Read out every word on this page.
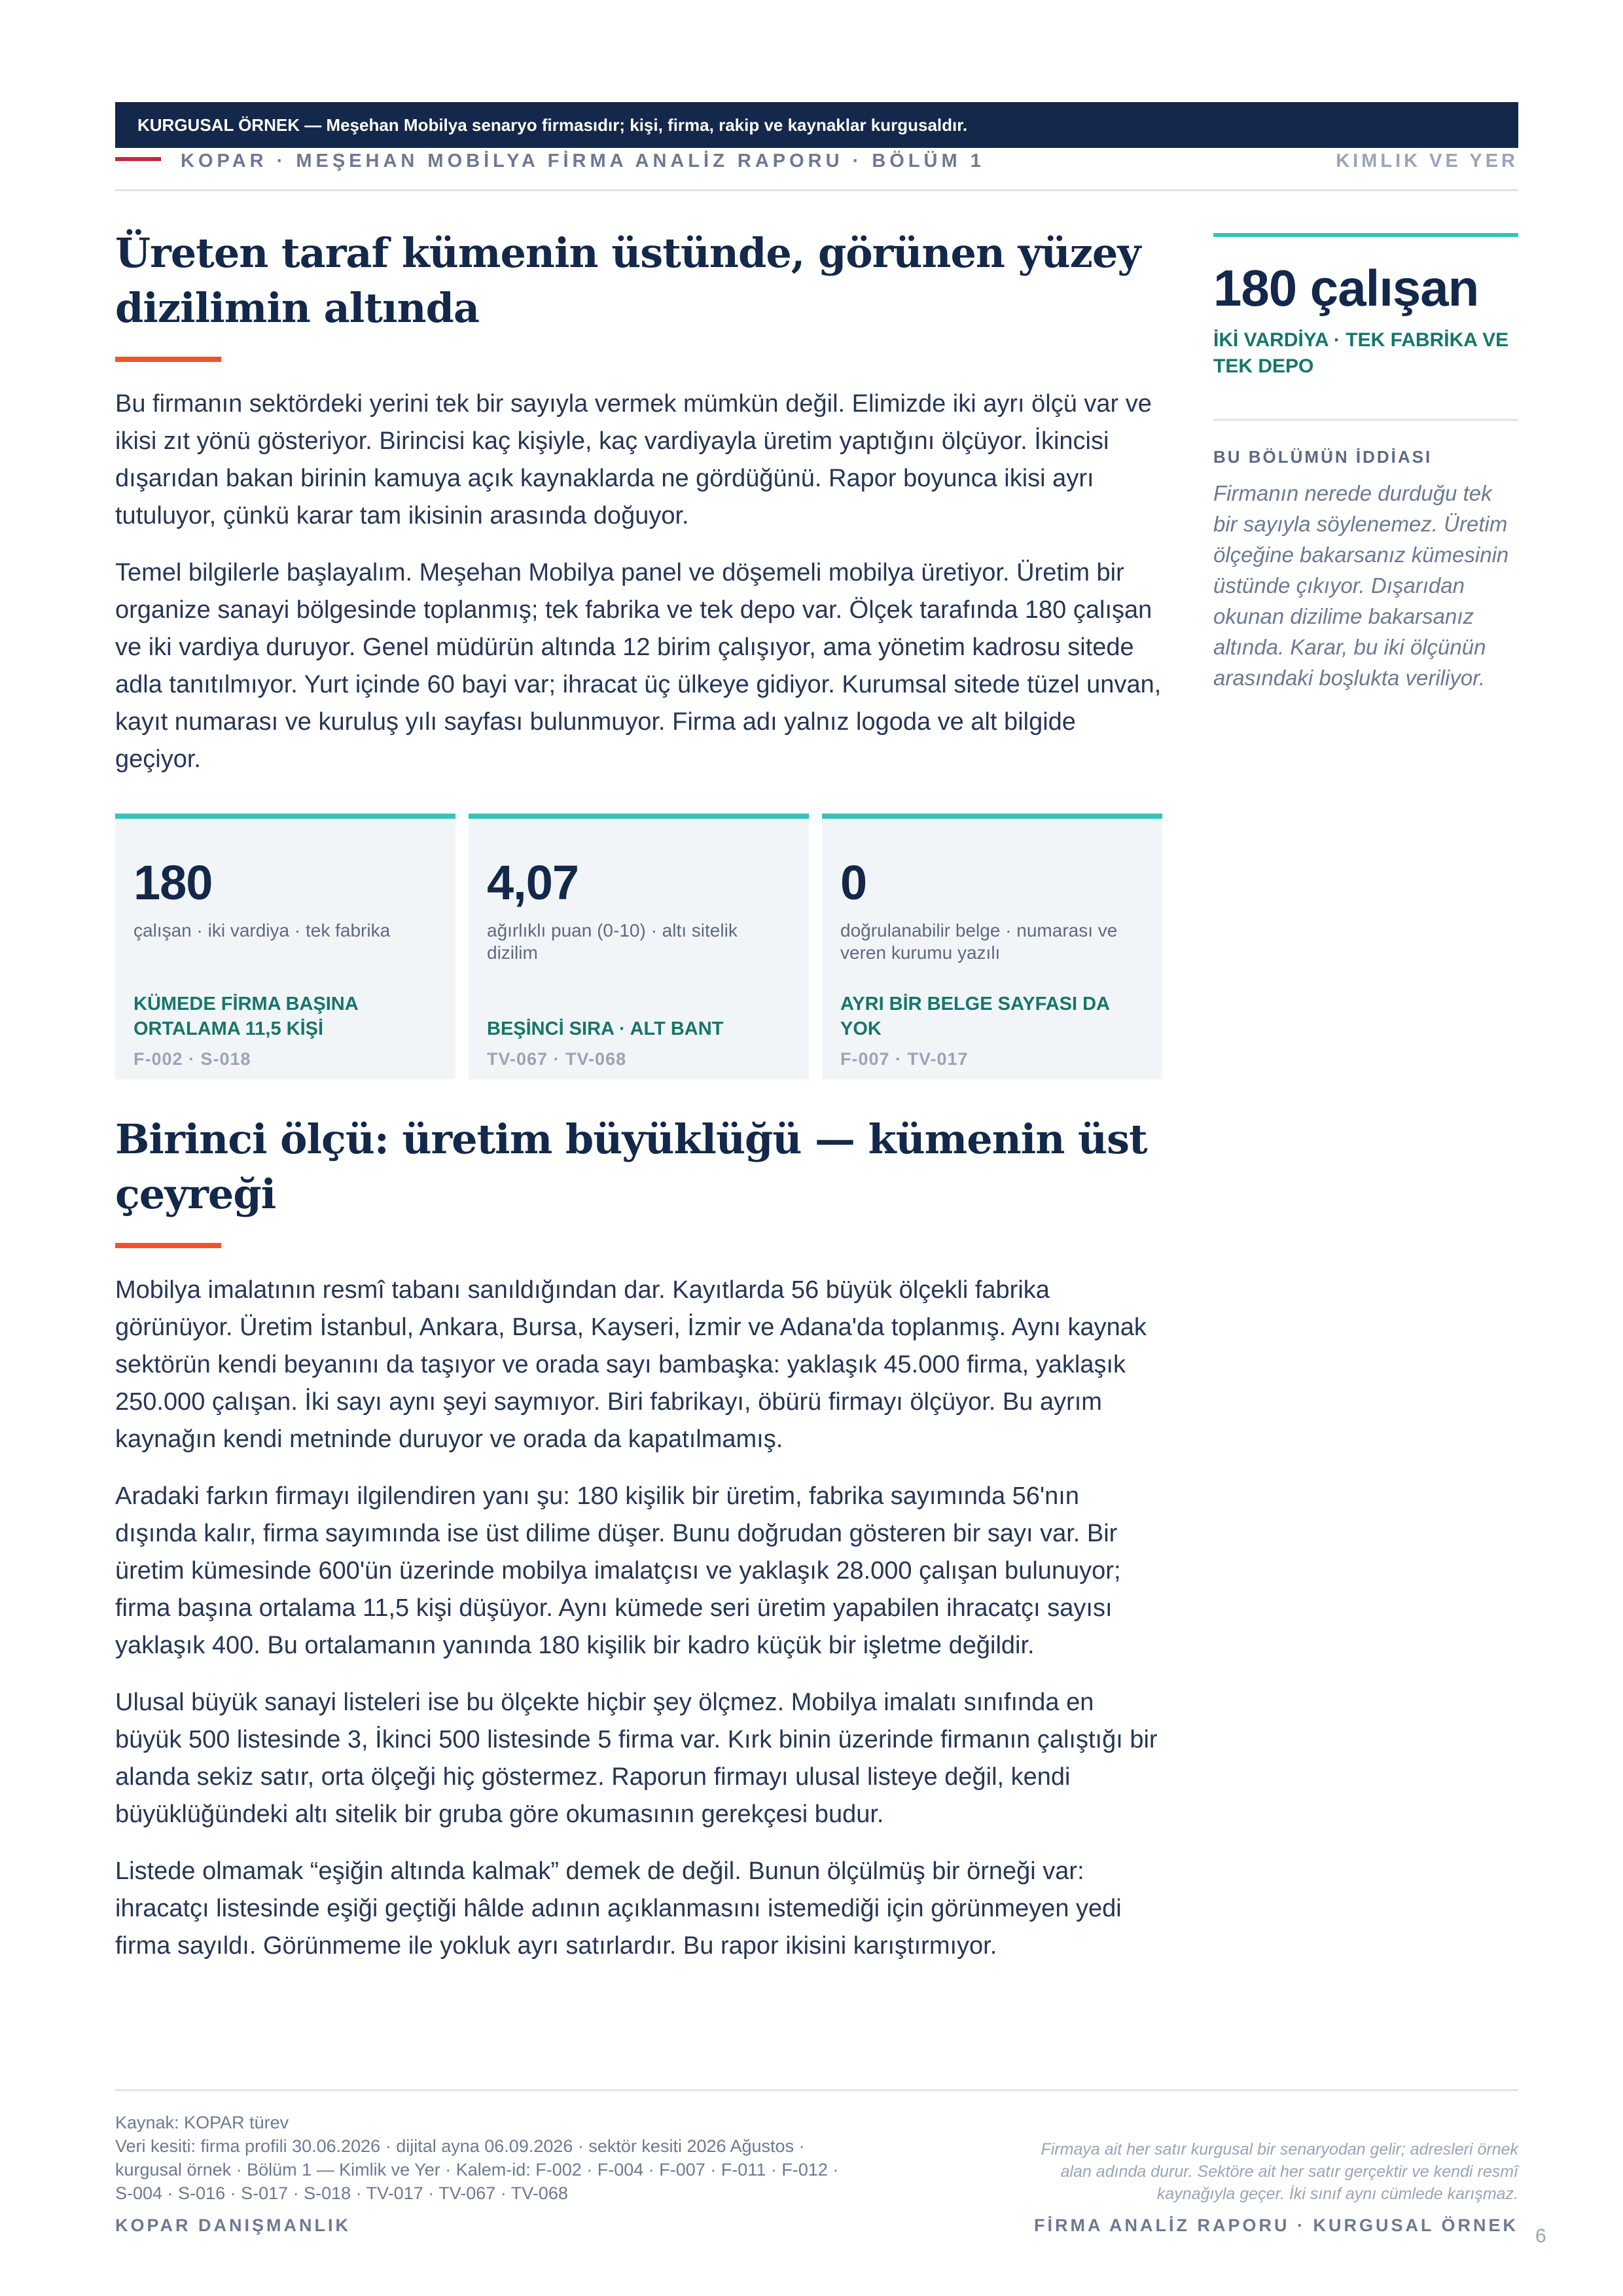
KURGUSAL ÖRNEK — Meşehan Mobilya senaryo firmasıdır; kişi, firma, rakip ve kaynaklar kurgusaldır.
KOPAR · MEŞEHAN MOBİLYA FİRMA ANALİZ RAPORU · BÖLÜM 1	KIMLIK VE YER
Üreten taraf kümenin üstünde, görünen yüzey dizilimin altında

Bu firmanın sektördeki yerini tek bir sayıyla vermek mümkün değil. Elimizde iki ayrı ölçü var ve ikisi zıt yönü gösteriyor. Birincisi kaç kişiyle, kaç vardiyayla üretim yaptığını ölçüyor. İkincisi dışarıdan bakan birinin kamuya açık kaynaklarda ne gördüğünü. Rapor boyunca ikisi ayrı tutuluyor, çünkü karar tam ikisinin arasında doğuyor.

Temel bilgilerle başlayalım. Meşehan Mobilya panel ve döşemeli mobilya üretiyor. Üretim bir organize sanayi bölgesinde toplanmış; tek fabrika ve tek depo var. Ölçek tarafında 180 çalışan ve iki vardiya duruyor. Genel müdürün altında 12 birim çalışıyor, ama yönetim kadrosu sitede adla tanıtılmıyor. Yurt içinde 60 bayi var; ihracat üç ülkeye gidiyor. Kurumsal sitede tüzel unvan, kayıt numarası ve kuruluş yılı sayfası bulunmuyor. Firma adı yalnız logoda ve alt bilgide geçiyor.

180
çalışan · iki vardiya · tek fabrika
KÜMEDE FİRMA BAŞINA ORTALAMA 11,5 KİŞİ
F-002 · S-018
4,07
ağırlıklı puan (0-10) · altı sitelik dizilim
BEŞİNCİ SIRA · ALT BANT
TV-067 · TV-068
0
doğrulanabilir belge · numarası ve veren kurumu yazılı
AYRI BİR BELGE SAYFASI DA YOK
F-007 · TV-017
Birinci ölçü: üretim büyüklüğü — kümenin üst çeyreği

Mobilya imalatının resmî tabanı sanıldığından dar. Kayıtlarda 56 büyük ölçekli fabrika görünüyor. Üretim İstanbul, Ankara, Bursa, Kayseri, İzmir ve Adana'da toplanmış. Aynı kaynak sektörün kendi beyanını da taşıyor ve orada sayı bambaşka: yaklaşık 45.000 firma, yaklaşık 250.000 çalışan. İki sayı aynı şeyi saymıyor. Biri fabrikayı, öbürü firmayı ölçüyor. Bu ayrım kaynağın kendi metninde duruyor ve orada da kapatılmamış.

Aradaki farkın firmayı ilgilendiren yanı şu: 180 kişilik bir üretim, fabrika sayımında 56'nın dışında kalır, firma sayımında ise üst dilime düşer. Bunu doğrudan gösteren bir sayı var. Bir üretim kümesinde 600'ün üzerinde mobilya imalatçısı ve yaklaşık 28.000 çalışan bulunuyor; firma başına ortalama 11,5 kişi düşüyor. Aynı kümede seri üretim yapabilen ihracatçı sayısı yaklaşık 400. Bu ortalamanın yanında 180 kişilik bir kadro küçük bir işletme değildir.

Ulusal büyük sanayi listeleri ise bu ölçekte hiçbir şey ölçmez. Mobilya imalatı sınıfında en büyük 500 listesinde 3, İkinci 500 listesinde 5 firma var. Kırk binin üzerinde firmanın çalıştığı bir alanda sekiz satır, orta ölçeği hiç göstermez. Raporun firmayı ulusal listeye değil, kendi büyüklüğündeki altı sitelik bir gruba göre okumasının gerekçesi budur.

Listede olmamak “eşiğin altında kalmak” demek de değil. Bunun ölçülmüş bir örneği var: ihracatçı listesinde eşiği geçtiği hâlde adının açıklanmasını istemediği için görünmeyen yedi firma sayıldı. Görünmeme ile yokluk ayrı satırlardır. Bu rapor ikisini karıştırmıyor.

180 çalışan
İKİ VARDİYA · TEK FABRİKA VE TEK DEPO
BU BÖLÜMÜN İDDİASI
Firmanın nerede durduğu tek bir sayıyla söylenemez. Üretim ölçeğine bakarsanız kümesinin üstünde çıkıyor. Dışarıdan okunan dizilime bakarsanız altında. Karar, bu iki ölçünün arasındaki boşlukta veriliyor.
Kaynak: KOPAR türev
Veri kesiti: firma profili 30.06.2026 · dijital ayna 06.09.2026 · sektör kesiti 2026 Ağustos ·
kurgusal örnek · Bölüm 1 — Kimlik ve Yer · Kalem-id: F-002 · F-004 · F-007 · F-011 · F-012 ·
S-004 · S-016 · S-017 · S-018 · TV-017 · TV-067 · TV-068
Firmaya ait her satır kurgusal bir senaryodan gelir; adresleri örnek
alan adında durur. Sektöre ait her satır gerçektir ve kendi resmî
kaynağıyla geçer. İki sınıf aynı cümlede karışmaz.
KOPAR DANIŞMANLIK	FİRMA ANALİZ RAPORU · KURGUSAL ÖRNEK 6
